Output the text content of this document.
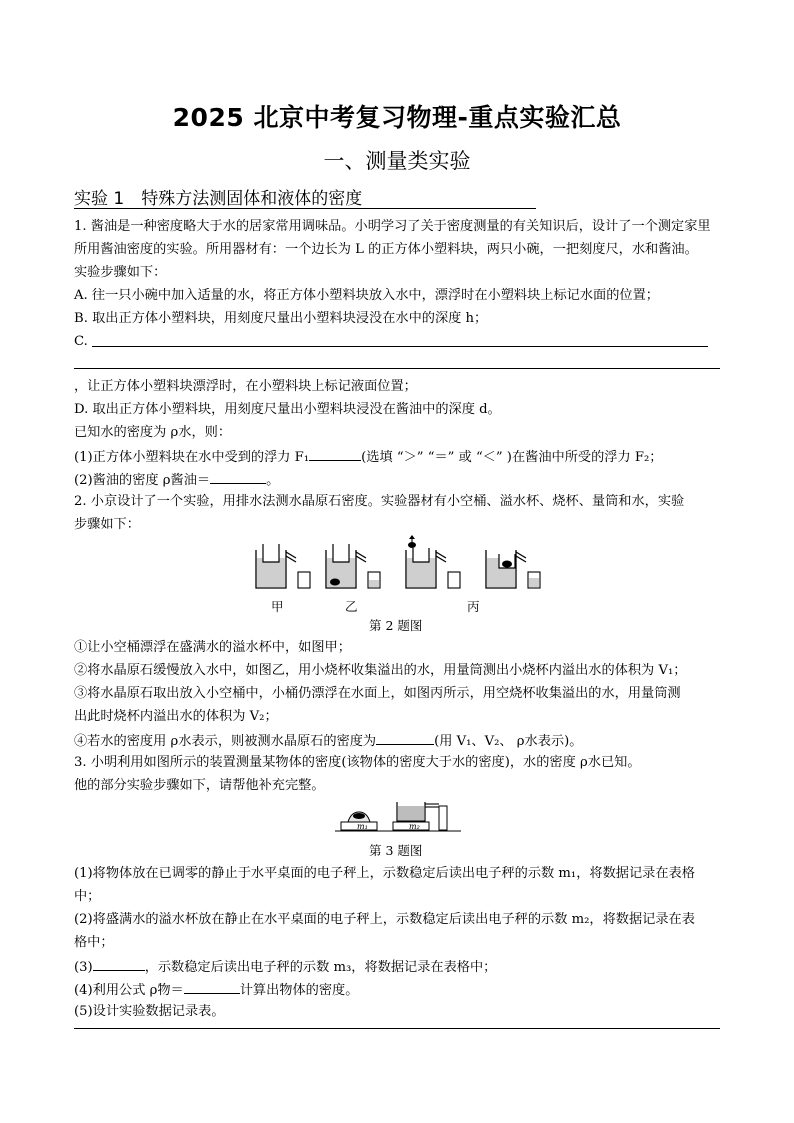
2025 北京中考复习物理-重点实验汇总
一、测量类实验
实验 1　特殊方法测固体和液体的密度
1. 酱油是一种密度略大于水的居家常用调味品。小明学习了关于密度测量的有关知识后，设计了一个测定家里
所用酱油密度的实验。所用器材有：一个边长为 L 的正方体小塑料块，两只小碗，一把刻度尺，水和酱油。
实验步骤如下：
A. 往一只小碗中加入适量的水，将正方体小塑料块放入水中，漂浮时在小塑料块上标记水面的位置；
B. 取出正方体小塑料块，用刻度尺量出小塑料块浸没在水中的深度 h；
C.
，让正方体小塑料块漂浮时，在小塑料块上标记液面位置；
D. 取出正方体小塑料块，用刻度尺量出小塑料块浸没在酱油中的深度 d。
已知水的密度为 ρ水，则：
(1)正方体小塑料块在水中受到的浮力 F₁	(选填 “＞” “＝” 或 “＜” )在酱油中所受的浮力 F₂；
(2)酱油的密度 ρ酱油＝	。
2. 小京设计了一个实验，用排水法测水晶原石密度。实验器材有小空桶、溢水杯、烧杯、量筒和水，实验
步骤如下：
甲	乙	丙
第 2 题图
①让小空桶漂浮在盛满水的溢水杯中，如图甲；
②将水晶原石缓慢放入水中，如图乙，用小烧杯收集溢出的水，用量筒测出小烧杯内溢出水的体积为 V₁；
③将水晶原石取出放入小空桶中，小桶仍漂浮在水面上，如图丙所示，用空烧杯收集溢出的水，用量筒测
出此时烧杯内溢出水的体积为 V₂；
④若水的密度用 ρ水表示，则被测水晶原石的密度为	(用 V₁、V₂、 ρ水表示)。
3. 小明利用如图所示的装置测量某物体的密度(该物体的密度大于水的密度)，水的密度 ρ水已知。
他的部分实验步骤如下，请帮他补充完整。
m₁	m₂
第 3 题图
(1)将物体放在已调零的静止于水平桌面的电子秤上，示数稳定后读出电子秤的示数 m₁，将数据记录在表格
中；
(2)将盛满水的溢水杯放在静止在水平桌面的电子秤上，示数稳定后读出电子秤的示数 m₂，将数据记录在表
格中；
(3)	，示数稳定后读出电子秤的示数 m₃，将数据记录在表格中；
(4)利用公式 ρ物＝	计算出物体的密度。
(5)设计实验数据记录表。
